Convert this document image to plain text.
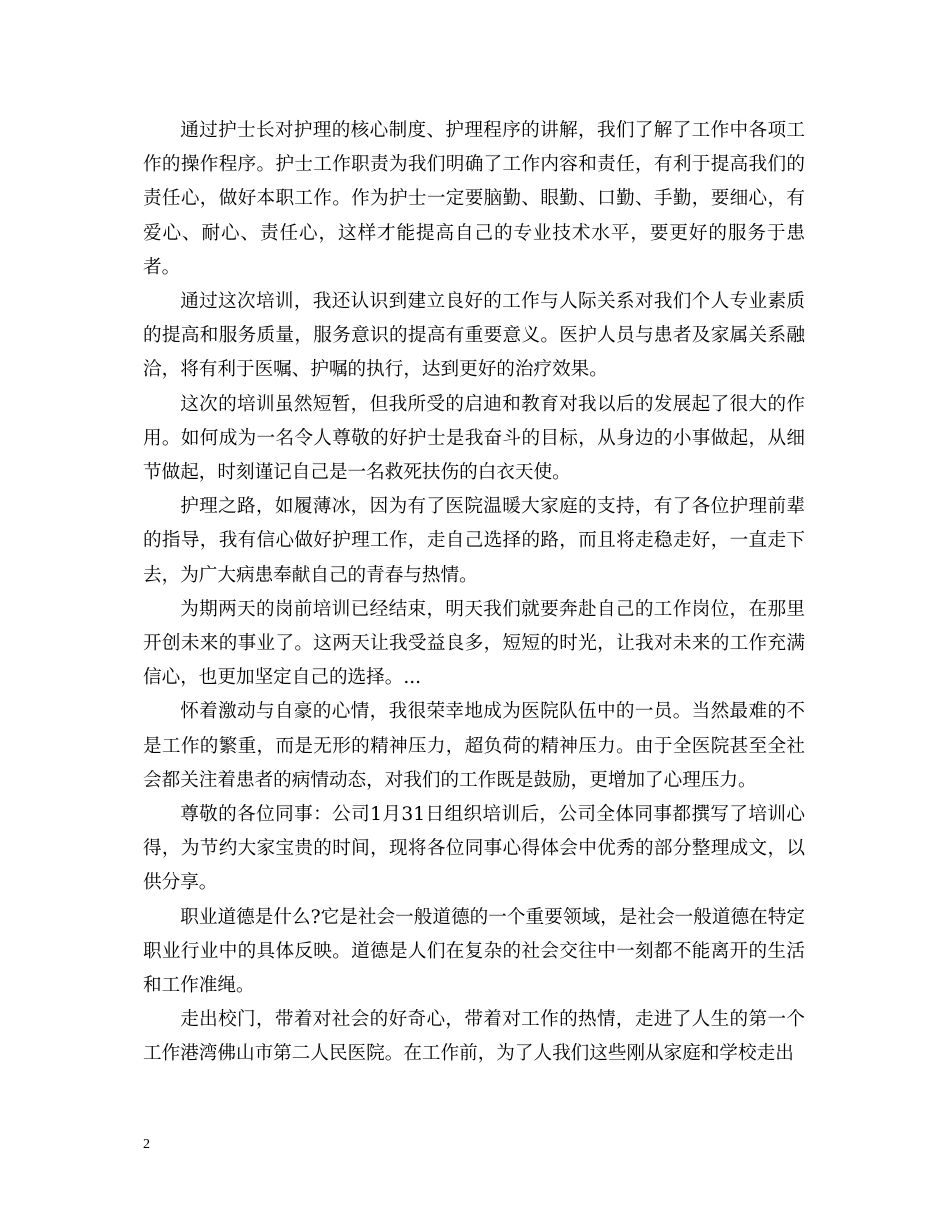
通过护士长对护理的核心制度、护理程序的讲解，我们了解了工作中各项工作的操作程序。护士工作职责为我们明确了工作内容和责任，有利于提高我们的责任心，做好本职工作。作为护士一定要脑勤、眼勤、口勤、手勤，要细心，有爱心、耐心、责任心，这样才能提高自己的专业技术水平，要更好的服务于患者。

通过这次培训，我还认识到建立良好的工作与人际关系对我们个人专业素质的提高和服务质量，服务意识的提高有重要意义。医护人员与患者及家属关系融洽，将有利于医嘱、护嘱的执行，达到更好的治疗效果。

这次的培训虽然短暂，但我所受的启迪和教育对我以后的发展起了很大的作用。如何成为一名令人尊敬的好护士是我奋斗的目标，从身边的小事做起，从细节做起，时刻谨记自己是一名救死扶伤的白衣天使。

护理之路，如履薄冰，因为有了医院温暖大家庭的支持，有了各位护理前辈的指导，我有信心做好护理工作，走自己选择的路，而且将走稳走好，一直走下去，为广大病患奉献自己的青春与热情。

为期两天的岗前培训已经结束，明天我们就要奔赴自己的工作岗位，在那里开创未来的事业了。这两天让我受益良多，短短的时光，让我对未来的工作充满信心，也更加坚定自己的选择。...

怀着激动与自豪的心情，我很荣幸地成为医院队伍中的一员。当然最难的不是工作的繁重，而是无形的精神压力，超负荷的精神压力。由于全医院甚至全社会都关注着患者的病情动态，对我们的工作既是鼓励，更增加了心理压力。

尊敬的各位同事：公司1月31日组织培训后，公司全体同事都撰写了培训心得，为节约大家宝贵的时间，现将各位同事心得体会中优秀的部分整理成文，以供分享。

职业道德是什么?它是社会一般道德的一个重要领域，是社会一般道德在特定职业行业中的具体反映。道德是人们在复杂的社会交往中一刻都不能离开的生活和工作准绳。

走出校门，带着对社会的好奇心，带着对工作的热情，走进了人生的第一个工作港湾佛山市第二人民医院。在工作前，为了人我们这些刚从家庭和学校走出

2
